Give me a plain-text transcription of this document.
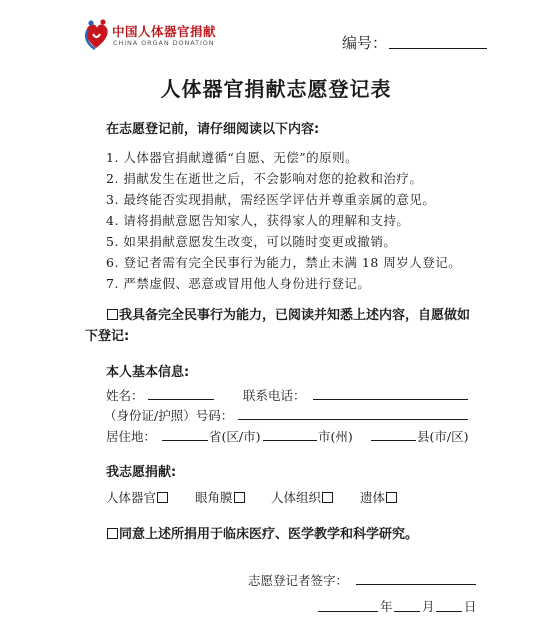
中国人体器官捐献
CHINA ORGAN DONATION	编号：
人体器官捐献志愿登记表
在志愿登记前，请仔细阅读以下内容:
1. 人体器官捐献遵循“自愿、无偿”的原则。
2. 捐献发生在逝世之后，不会影响对您的抢救和治疗。
3. 最终能否实现捐献，需经医学评估并尊重亲属的意见。
4. 请将捐献意愿告知家人，获得家人的理解和支持。
5. 如果捐献意愿发生改变，可以随时变更或撤销。
6. 登记者需有完全民事行为能力，禁止未满 18 周岁人登记。
7. 严禁虚假、恶意或冒用他人身份进行登记。
我具备完全民事行为能力，已阅读并知悉上述内容，自愿做如
下登记:
本人基本信息:
姓名：	联系电话：
（身份证/护照）号码：
居住地：	省(区/市)	市(州)	县(市/区)
我志愿捐献:
人体器官	眼角膜	人体组织	遗体
同意上述所捐用于临床医疗、医学教学和科学研究。
志愿登记者签字：
年 月 日
